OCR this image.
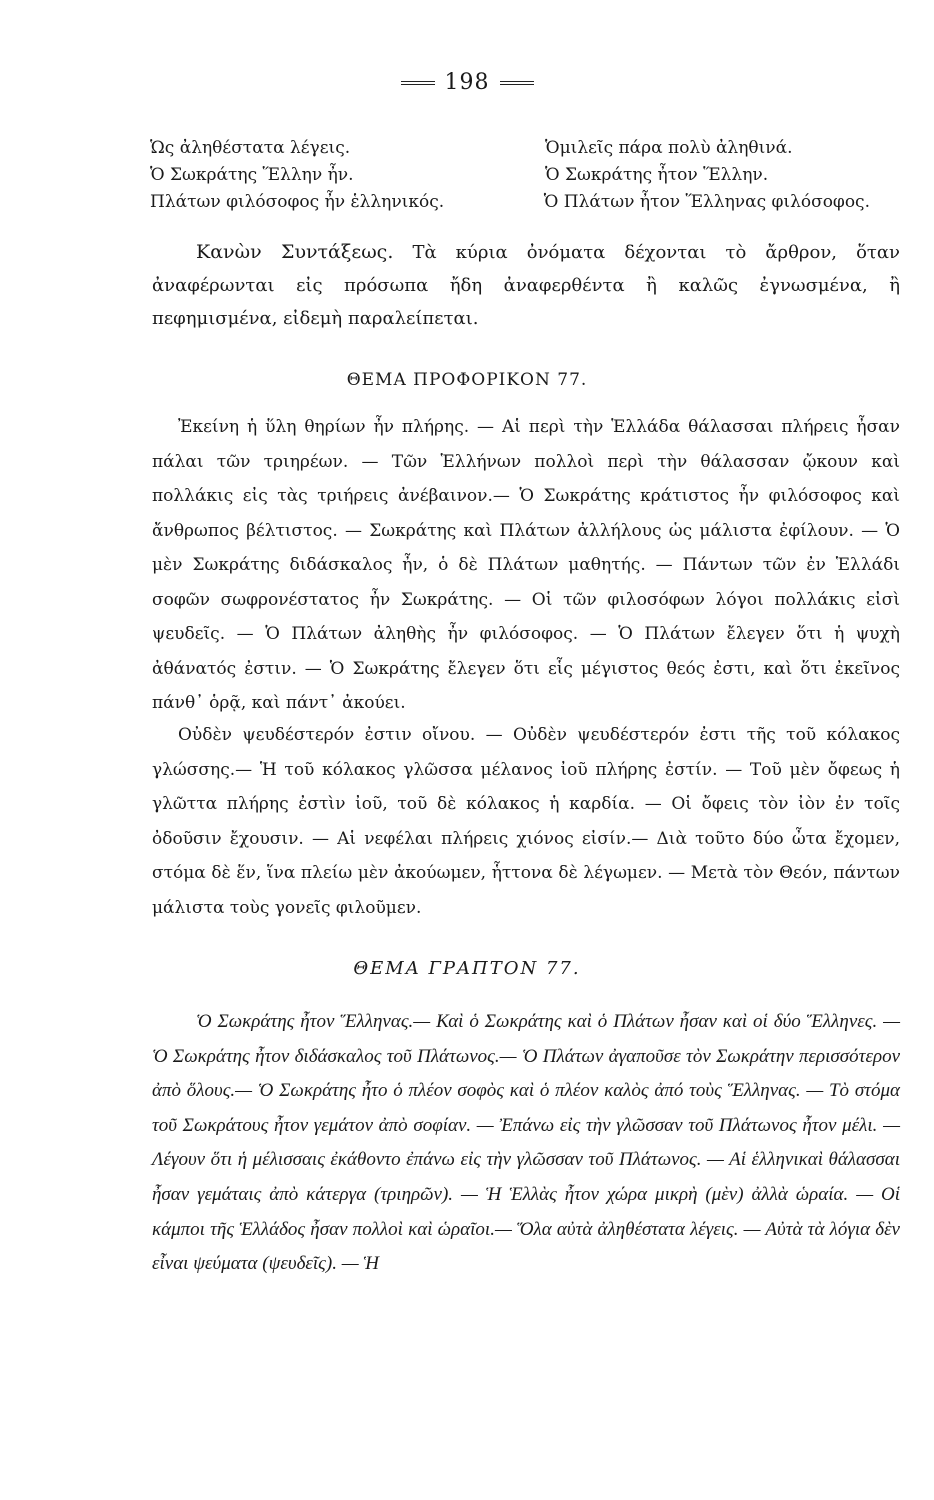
198
Ὡς ἀληθέστατα λέγεις.	Ὁμιλεῖς πάρα πολὺ ἀληθινά.
Ὁ Σωκράτης Ἕλλην ἦν.	Ὁ Σωκράτης ἦτον Ἕλλην.
Πλάτων φιλόσοφος ἦν ἑλληνικός.	Ὁ Πλάτων ἦτον Ἕλληνας φιλόσοφος.
Κανὼν Συντάξεως. Τὰ κύρια ὀνόματα δέχονται τὸ ἄρθρον, ὅταν ἀναφέρωνται εἰς πρόσωπα ἤδη ἀναφερθέντα ἢ καλῶς ἐγνωσμένα, ἢ πεφημισμένα, εἰδεμὴ παραλείπεται.
ΘΕΜΑ ΠΡΟΦΟΡΙΚΟΝ 77.
Ἐκείνη ἡ ὕλη θηρίων ἦν πλήρης. — Αἱ περὶ τὴν Ἑλλάδα θάλασσαι πλήρεις ἦσαν πάλαι τῶν τριηρέων. — Τῶν Ἑλλήνων πολλοὶ περὶ τὴν θάλασσαν ᾤκουν καὶ πολλάκις εἰς τὰς τριήρεις ἀνέβαινον.— Ὁ Σωκράτης κράτιστος ἦν φιλόσοφος καὶ ἄνθρωπος βέλτιστος. — Σωκράτης καὶ Πλάτων ἀλλήλους ὡς μάλιστα ἐφίλουν. — Ὁ μὲν Σωκράτης διδάσκαλος ἦν, ὁ δὲ Πλάτων μαθητής. — Πάντων τῶν ἐν Ἑλλάδι σοφῶν σωφρονέστατος ἦν Σωκράτης. — Οἱ τῶν φιλοσόφων λόγοι πολλάκις εἰσὶ ψευδεῖς. — Ὁ Πλάτων ἀληθὴς ἦν φιλόσοφος. — Ὁ Πλάτων ἔλεγεν ὅτι ἡ ψυχὴ ἀθάνατός ἐστιν. — Ὁ Σωκράτης ἔλεγεν ὅτι εἷς μέγιστος θεός ἐστι, καὶ ὅτι ἐκεῖνος πάνθ᾽ ὁρᾷ, καὶ πάντ᾽ ἀκούει.
Οὐδὲν ψευδέστερόν ἐστιν οἴνου. — Οὐδὲν ψευδέστερόν ἐστι τῆς τοῦ κόλακος γλώσσης.— Ἡ τοῦ κόλακος γλῶσσα μέλανος ἰοῦ πλήρης ἐστίν. — Τοῦ μὲν ὄφεως ἡ γλῶττα πλήρης ἐστὶν ἰοῦ, τοῦ δὲ κόλακος ἡ καρδία. — Οἱ ὄφεις τὸν ἰὸν ἐν τοῖς ὀδοῦσιν ἔχουσιν. — Αἱ νεφέλαι πλήρεις χιόνος εἰσίν.— Διὰ τοῦτο δύο ὦτα ἔχομεν, στόμα δὲ ἕν, ἵνα πλείω μὲν ἀκούωμεν, ἧττονα δὲ λέγωμεν. — Μετὰ τὸν Θεόν, πάντων μάλιστα τοὺς γονεῖς φιλοῦμεν.
ΘΕΜΑ ΓΡΑΠΤΟΝ 77.
Ὁ Σωκράτης ἦτον Ἕλληνας.— Καὶ ὁ Σωκράτης καὶ ὁ Πλάτων ἦσαν καὶ οἱ δύο Ἕλληνες. — Ὁ Σωκράτης ἦτον διδάσκαλος τοῦ Πλάτωνος.— Ὁ Πλάτων ἀγαποῦσε τὸν Σωκράτην περισσότερον ἀπὸ ὅλους.— Ὁ Σωκράτης ἦτο ὁ πλέον σοφὸς καὶ ὁ πλέον καλὸς ἀπό τοὺς Ἕλληνας. — Τὸ στόμα τοῦ Σωκράτους ἦτον γεμάτον ἀπὸ σοφίαν. — Ἐπάνω εἰς τὴν γλῶσσαν τοῦ Πλάτωνος ἦτον μέλι. — Λέγουν ὅτι ἡ μέλισσαις ἐκάθοντο ἐπάνω εἰς τὴν γλῶσσαν τοῦ Πλάτωνος. — Αἱ ἑλληνικαὶ θάλασσαι ἦσαν γεμάταις ἀπὸ κάτεργα (τριηρῶν). — Ἡ Ἑλλὰς ἦτον χώρα μικρὴ (μὲν) ἀλλὰ ὡραία. — Οἱ κάμποι τῆς Ἑλλάδος ἦσαν πολλοὶ καὶ ὡραῖοι.— Ὅλα αὐτὰ ἀληθέστατα λέγεις. — Αὐτὰ τὰ λόγια δὲν εἶναι ψεύματα (ψευδεῖς). — Ἡ
